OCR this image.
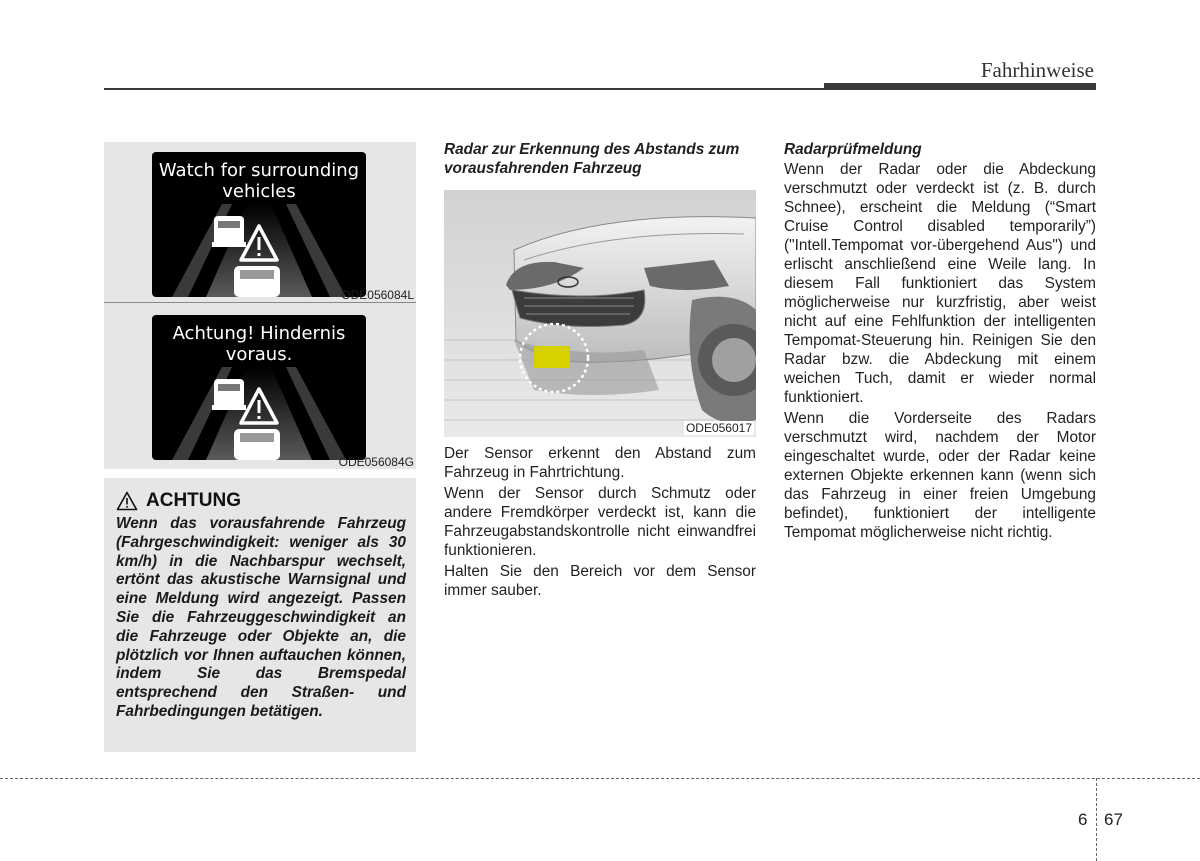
Fahrhinweise
Watch for surrounding vehicles
ODE056084L
Achtung! Hindernis voraus.
ODE056084G
ACHTUNG
Wenn das vorausfahrende Fahrzeug (Fahrgeschwindigkeit: weniger als 30 km/h) in die Nachbarspur wechselt, ertönt das akustische Warnsignal und eine Meldung wird angezeigt. Passen Sie die Fahrzeuggeschwindigkeit an die Fahrzeuge oder Objekte an, die plötzlich vor Ihnen auftauchen können, indem Sie das Bremspedal entsprechend den Straßen- und Fahrbedingungen betätigen.
Radar zur Erkennung des Abstands zum vorausfahrenden Fahrzeug
ODE056017

Der Sensor erkennt den Abstand zum Fahrzeug in Fahrtrichtung.

Wenn der Sensor durch Schmutz oder andere Fremdkörper verdeckt ist, kann die Fahrzeugabstandskontrolle nicht einwandfrei funktionieren.

Halten Sie den Bereich vor dem Sensor immer sauber.

Radarprüfmeldung

Wenn der Radar oder die Abdeckung verschmutzt oder verdeckt ist (z. B. durch Schnee), erscheint die Meldung (“Smart Cruise Control disabled temporarily”) ("Intell.Tempomat vor-übergehend Aus") und erlischt anschließend eine Weile lang. In diesem Fall funktioniert das System möglicherweise nur kurzfristig, aber weist nicht auf eine Fehlfunktion der intelligenten Tempomat-Steuerung hin. Reinigen Sie den Radar bzw. die Abdeckung mit einem weichen Tuch, damit er wieder normal funktioniert.

Wenn die Vorderseite des Radars verschmutzt wird, nachdem der Motor eingeschaltet wurde, oder der Radar keine externen Objekte erkennen kann (wenn sich das Fahrzeug in einer freien Umgebung befindet), funktioniert der intelligente Tempomat möglicherweise nicht richtig.

6 67
